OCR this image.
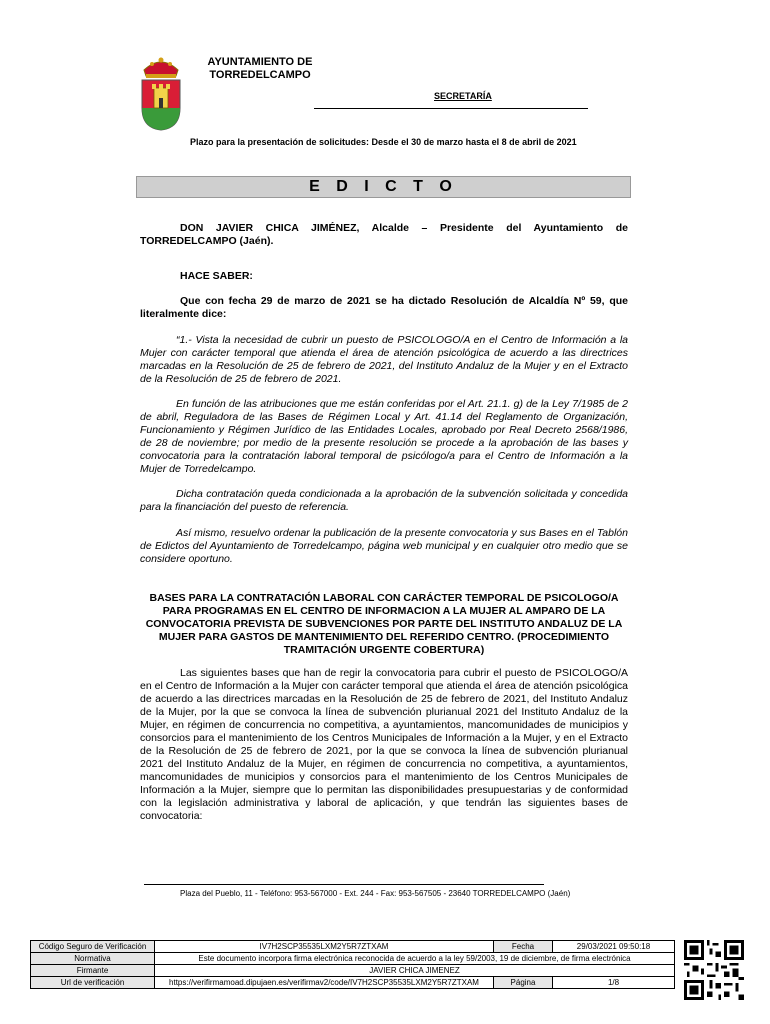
AYUNTAMIENTO DE
TORREDELCAMPO
SECRETARÍA
Plazo para la presentación de solicitudes: Desde el 30 de marzo hasta el 8 de abril de 2021
E D I C T O
DON JAVIER CHICA JIMÉNEZ, Alcalde – Presidente del Ayuntamiento de TORREDELCAMPO (Jaén).
HACE SABER:
Que con fecha 29 de marzo de 2021 se ha dictado Resolución de Alcaldía Nº 59, que literalmente dice:
“1.- Vista la necesidad de cubrir un puesto de PSICOLOGO/A en el Centro de Información a la Mujer con carácter temporal que atienda el área de atención psicológica de acuerdo a las directrices marcadas en la Resolución de 25 de febrero de 2021, del Instituto Andaluz de la Mujer y en el Extracto de la Resolución de 25 de febrero de 2021.
En función de las atribuciones que me están conferidas por el Art. 21.1. g) de la Ley 7/1985 de 2 de abril, Reguladora de las Bases de Régimen Local y Art. 41.14 del Reglamento de Organización, Funcionamiento y Régimen Jurídico de las Entidades Locales, aprobado por Real Decreto 2568/1986, de 28 de noviembre; por medio de la presente resolución se procede a la aprobación de las bases y convocatoria para la contratación laboral temporal de psicólogo/a para el Centro de Información a la Mujer de Torredelcampo.
Dicha contratación queda condicionada a la aprobación de la subvención solicitada y concedida para la financiación del puesto de referencia.
Así mismo, resuelvo ordenar la publicación de la presente convocatoria y sus Bases en el Tablón de Edictos del Ayuntamiento de Torredelcampo, página web municipal y en cualquier otro medio que se considere oportuno.
BASES PARA LA CONTRATACIÓN LABORAL CON CARÁCTER TEMPORAL DE PSICOLOGO/A PARA PROGRAMAS EN EL CENTRO DE INFORMACION A LA MUJER AL AMPARO DE LA CONVOCATORIA PREVISTA DE SUBVENCIONES POR PARTE DEL INSTITUTO ANDALUZ DE LA MUJER PARA GASTOS DE MANTENIMIENTO DEL REFERIDO CENTRO. (PROCEDIMIENTO TRAMITACIÓN URGENTE COBERTURA)
Las siguientes bases que han de regir la convocatoria para cubrir el puesto de PSICOLOGO/A en el Centro de Información a la Mujer con carácter temporal que atienda el área de atención psicológica de acuerdo a las directrices marcadas en la Resolución de 25 de febrero de 2021, del Instituto Andaluz de la Mujer, por la que se convoca la línea de subvención plurianual 2021 del Instituto Andaluz de la Mujer, en régimen de concurrencia no competitiva, a ayuntamientos, mancomunidades de municipios y consorcios para el mantenimiento de los Centros Municipales de Información a la Mujer, y en el Extracto de la Resolución de 25 de febrero de 2021, por la que se convoca la línea de subvención plurianual 2021 del Instituto Andaluz de la Mujer, en régimen de concurrencia no competitiva, a ayuntamientos, mancomunidades de municipios y consorcios para el mantenimiento de los Centros Municipales de Información a la Mujer, siempre que lo permitan las disponibilidades presupuestarias y de conformidad con la legislación administrativa y laboral de aplicación, y que tendrán las siguientes bases de convocatoria:
Plaza del Pueblo, 11 - Teléfono: 953-567000 - Ext. 244 - Fax: 953-567505 - 23640 TORREDELCAMPO (Jaén)
Código Seguro de Verificación	IV7H2SCP35535LXM2Y5R7ZTXAM	Fecha	29/03/2021 09:50:18
Normativa	Este documento incorpora firma electrónica reconocida de acuerdo a la ley 59/2003, 19 de diciembre, de firma electrónica		
Firmante	JAVIER CHICA JIMENEZ		
Url de verificación	https://verifirmamoad.dipujaen.es/verifirmav2/code/IV7H2SCP35535LXM2Y5R7ZTXAM	Página	1/8
